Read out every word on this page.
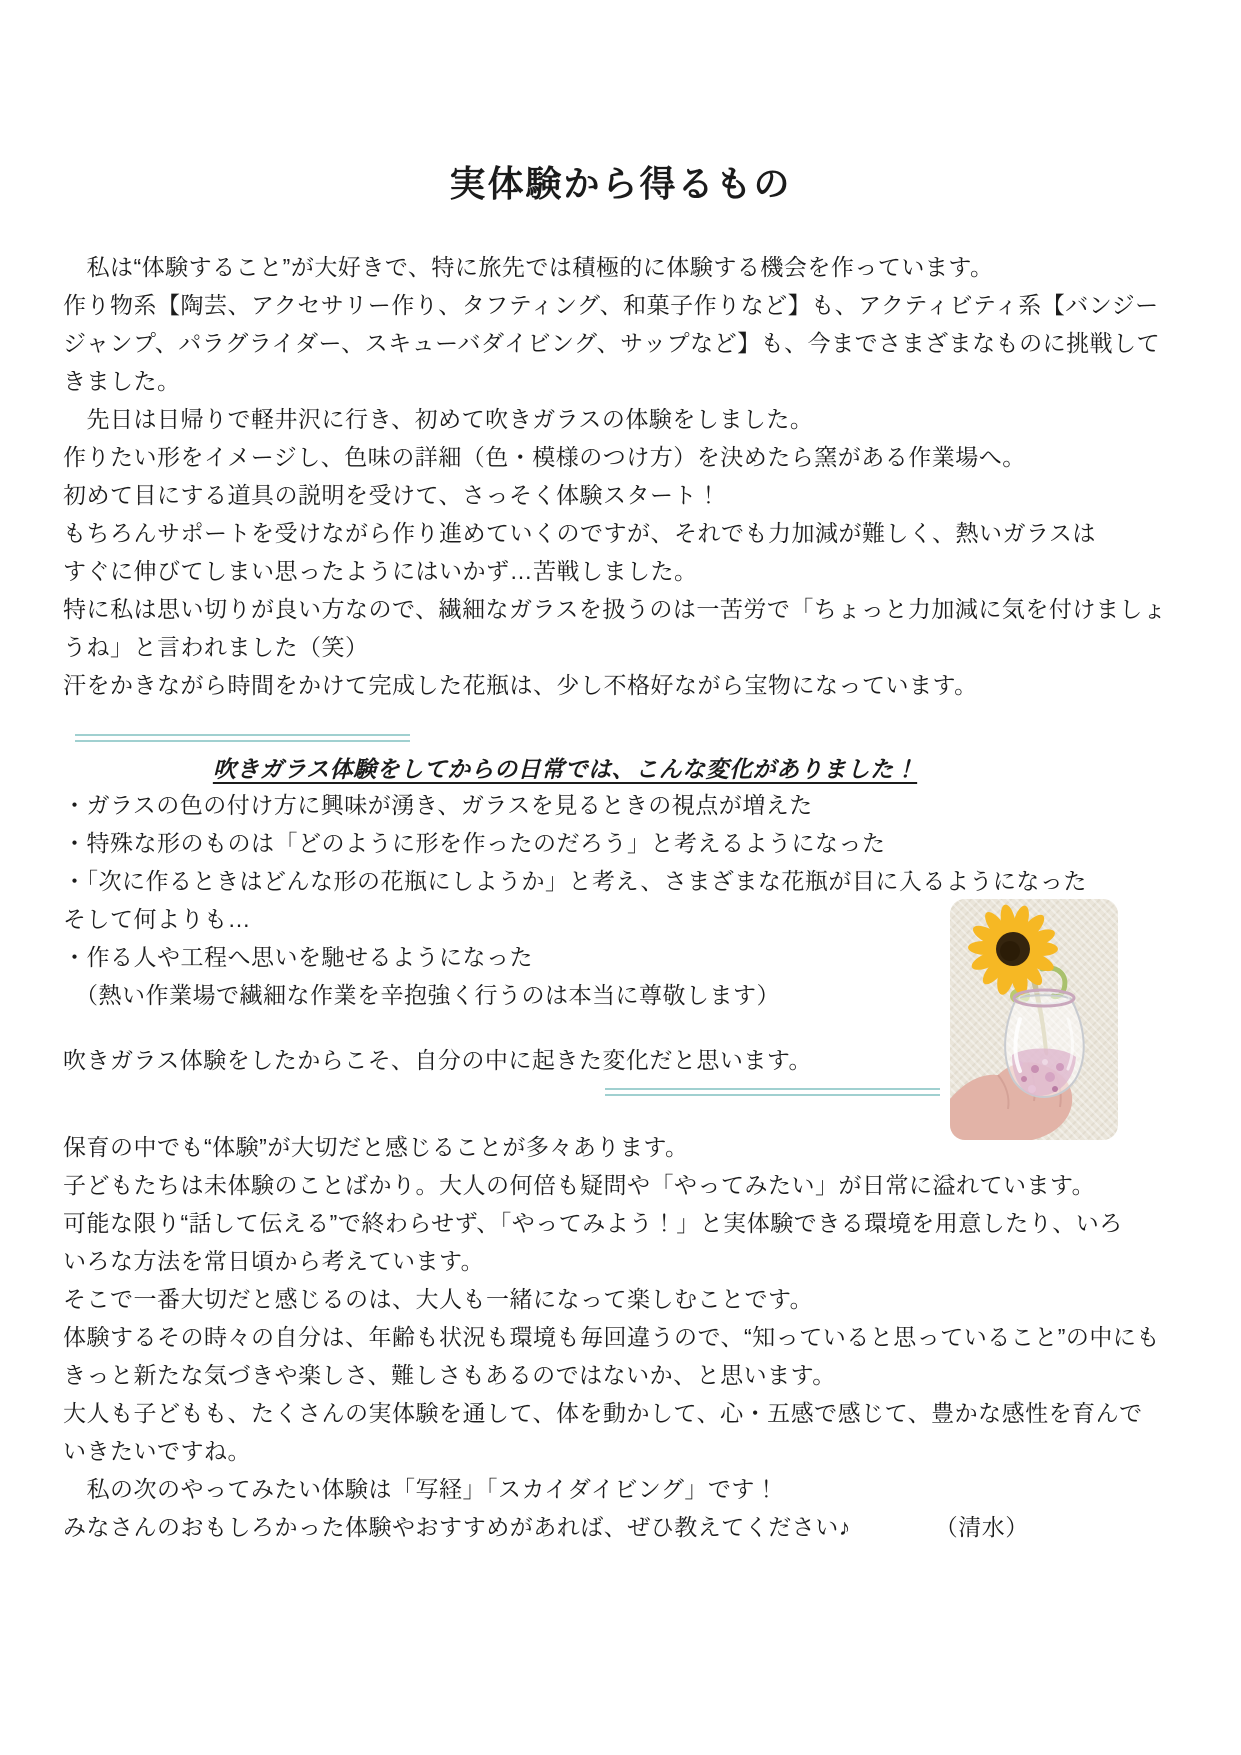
実体験から得るもの
　私は“体験すること”が大好きで、特に旅先では積極的に体験する機会を作っています。
作り物系【陶芸、アクセサリー作り、タフティング、和菓子作りなど】も、アクティビティ系【バンジー
ジャンプ、パラグライダー、スキューバダイビング、サップなど】も、今までさまざまなものに挑戦して
きました。
　先日は日帰りで軽井沢に行き、初めて吹きガラスの体験をしました。
作りたい形をイメージし、色味の詳細（色・模様のつけ方）を決めたら窯がある作業場へ。
初めて目にする道具の説明を受けて、さっそく体験スタート！
もちろんサポートを受けながら作り進めていくのですが、それでも力加減が難しく、熱いガラスは
すぐに伸びてしまい思ったようにはいかず…苦戦しました。
特に私は思い切りが良い方なので、繊細なガラスを扱うのは一苦労で「ちょっと力加減に気を付けましょ
うね」と言われました（笑）
汗をかきながら時間をかけて完成した花瓶は、少し不格好ながら宝物になっています。
吹きガラス体験をしてからの日常では、こんな変化がありました！
・ガラスの色の付け方に興味が湧き、ガラスを見るときの視点が増えた
・特殊な形のものは「どのように形を作ったのだろう」と考えるようになった
・「次に作るときはどんな形の花瓶にしようか」と考え、さまざまな花瓶が目に入るようになった
そして何よりも…
・作る人や工程へ思いを馳せるようになった
　（熱い作業場で繊細な作業を辛抱強く行うのは本当に尊敬します）
吹きガラス体験をしたからこそ、自分の中に起きた変化だと思います。
保育の中でも“体験”が大切だと感じることが多々あります。
子どもたちは未体験のことばかり。大人の何倍も疑問や「やってみたい」が日常に溢れています。
可能な限り“話して伝える”で終わらせず、「やってみよう！」と実体験できる環境を用意したり、いろ
いろな方法を常日頃から考えています。
そこで一番大切だと感じるのは、大人も一緒になって楽しむことです。
体験するその時々の自分は、年齢も状況も環境も毎回違うので、“知っていると思っていること”の中にも
きっと新たな気づきや楽しさ、難しさもあるのではないか、と思います。
大人も子どもも、たくさんの実体験を通して、体を動かして、心・五感で感じて、豊かな感性を育んで
いきたいですね。
　私の次のやってみたい体験は「写経」「スカイダイビング」です！
みなさんのおもしろかった体験やおすすめがあれば、ぜひ教えてください♪	（清水）
